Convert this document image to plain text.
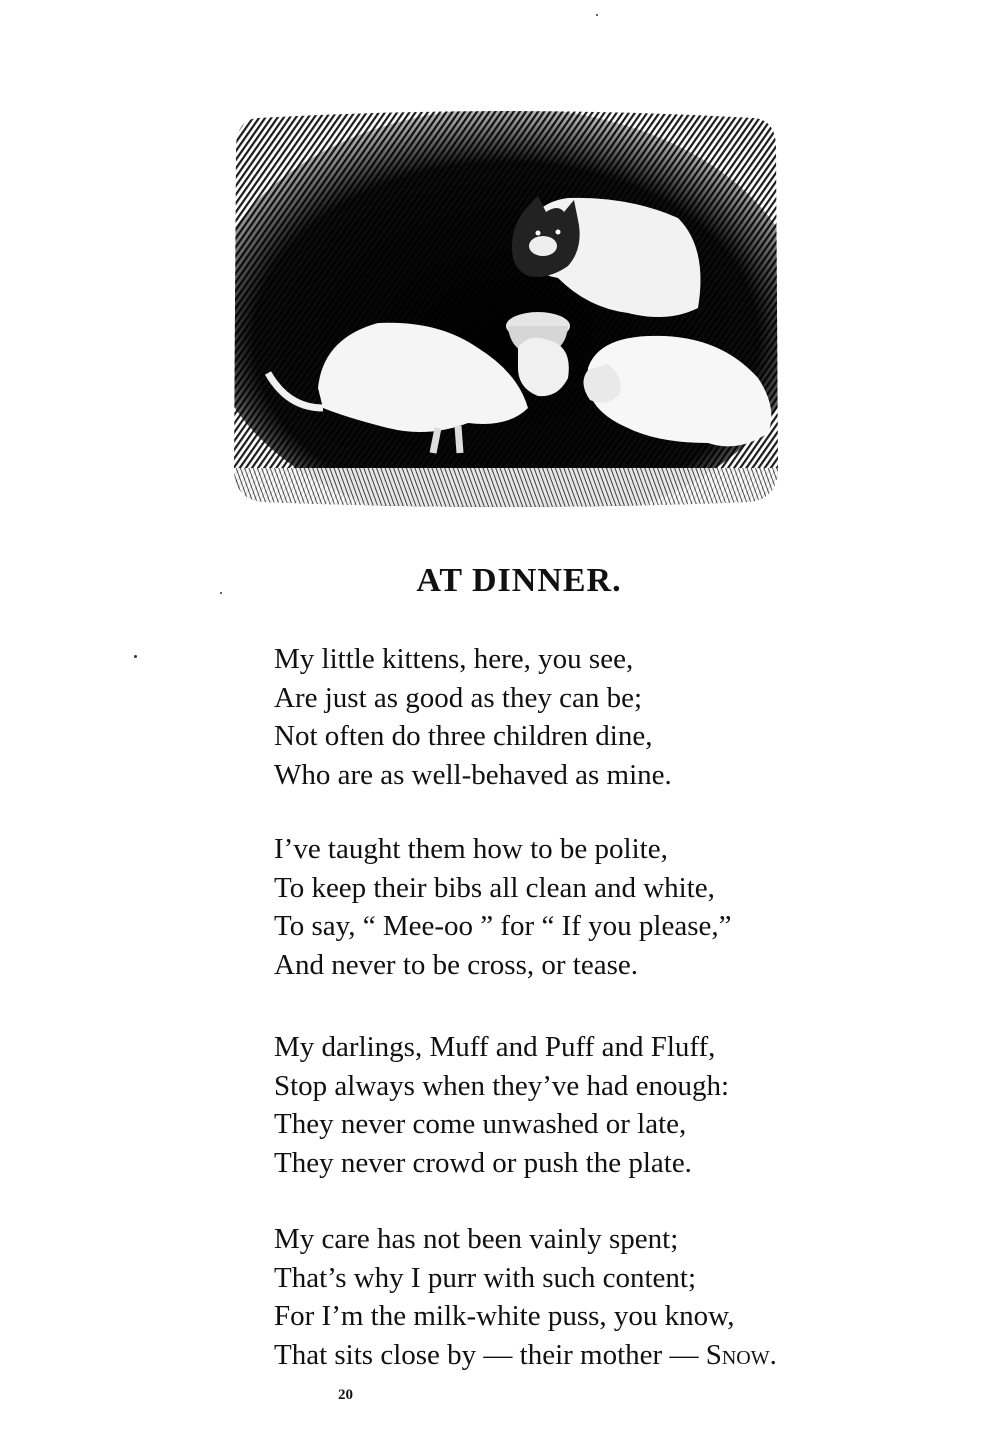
AT DINNER.
My little kittens, here, you see,
Are just as good as they can be;
Not often do three children dine,
Who are as well-behaved as mine.
I’ve taught them how to be polite,
To keep their bibs all clean and white,
To say, “ Mee-oo ” for “ If you please,”
And never to be cross, or tease.
My darlings, Muff and Puff and Fluff,
Stop always when they’ve had enough:
They never come unwashed or late,
They never crowd or push the plate.
My care has not been vainly spent;
That’s why I purr with such content;
For I’m the milk-white puss, you know,
That sits close by — their mother — Snow.
20
